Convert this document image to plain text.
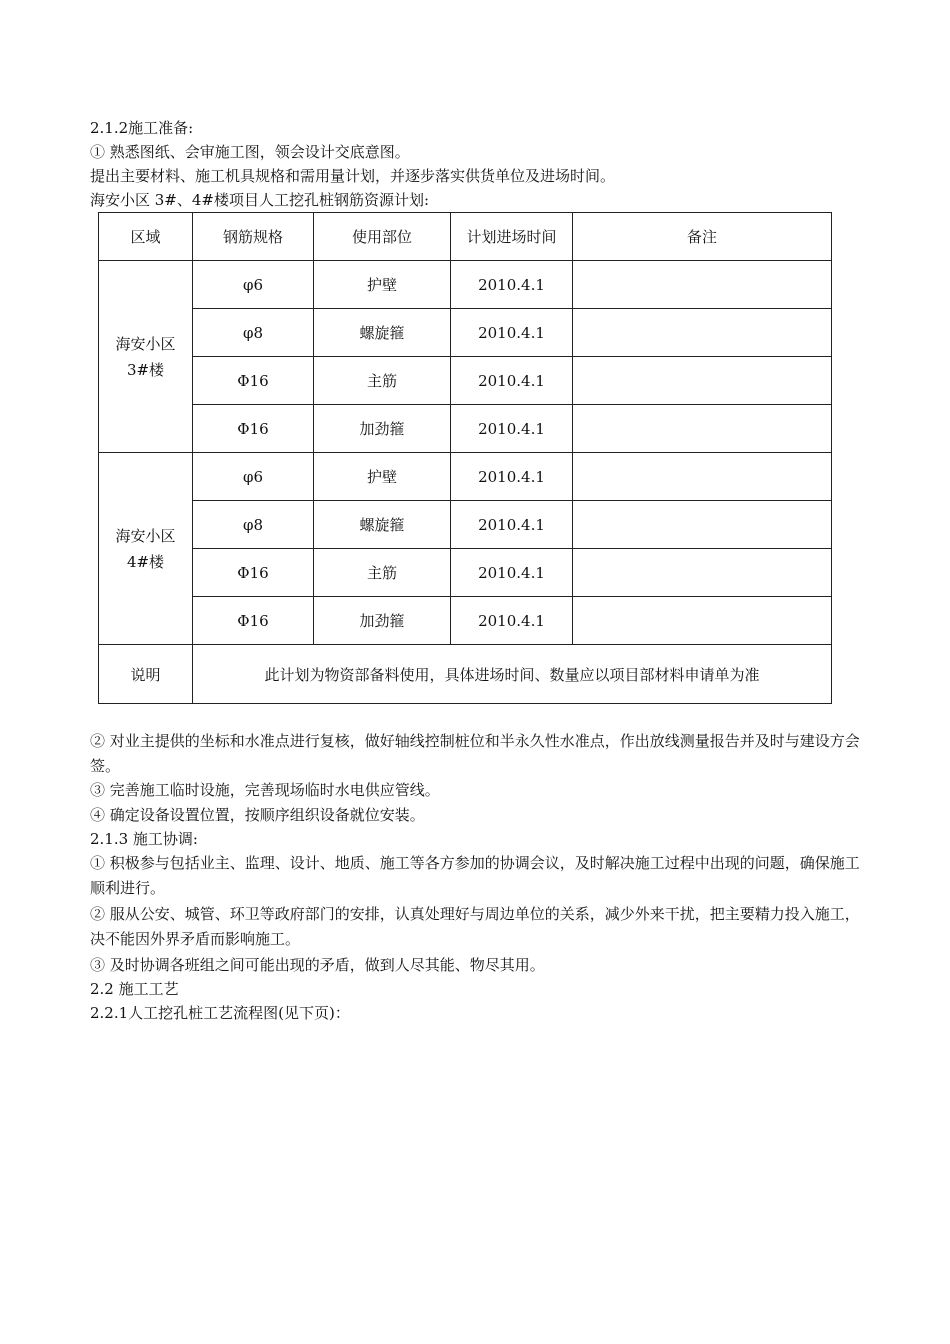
2.1.2施工准备:
① 熟悉图纸、会审施工图，领会设计交底意图。
提出主要材料、施工机具规格和需用量计划，并逐步落实供货单位及进场时间。
海安小区 3#、4#楼项目人工挖孔桩钢筋资源计划:
区域	钢筋规格	使用部位	计划进场时间	备注
海安小区
3#楼	φ6	护壁	2010.4.1	
	φ8	螺旋箍	2010.4.1	
	Φ16	主筋	2010.4.1	
	Φ16	加劲箍	2010.4.1	
海安小区
4#楼	φ6	护壁	2010.4.1	
	φ8	螺旋箍	2010.4.1	
	Φ16	主筋	2010.4.1	
	Φ16	加劲箍	2010.4.1	
说明	此计划为物资部备料使用，具体进场时间、数量应以项目部材料申请单为准			
② 对业主提供的坐标和水准点进行复核，做好轴线控制桩位和半永久性水准点，作出放线测量报告并及时与建设方会签。
③ 完善施工临时设施，完善现场临时水电供应管线。
④ 确定设备设置位置，按顺序组织设备就位安装。
2.1.3 施工协调:
① 积极参与包括业主、监理、设计、地质、施工等各方参加的协调会议，及时解决施工过程中出现的问题，确保施工顺利进行。
② 服从公安、城管、环卫等政府部门的安排，认真处理好与周边单位的关系，减少外来干扰，把主要精力投入施工，决不能因外界矛盾而影响施工。
③ 及时协调各班组之间可能出现的矛盾，做到人尽其能、物尽其用。
2.2 施工工艺
2.2.1人工挖孔桩工艺流程图(见下页)：
